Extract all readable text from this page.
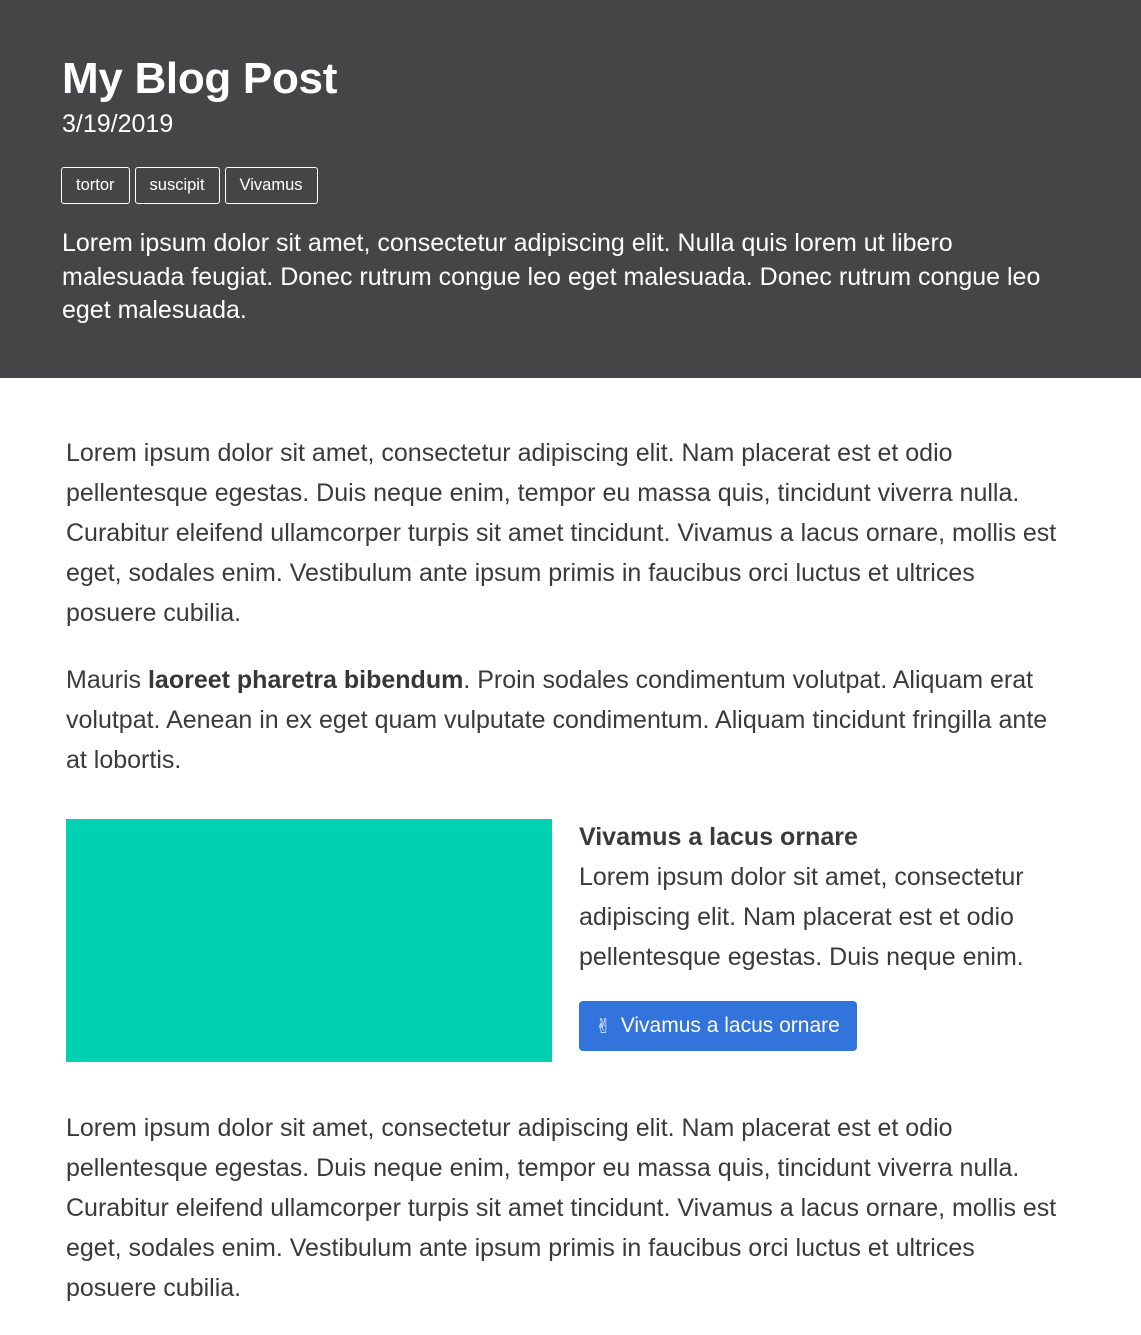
My Blog Post
3/19/2019
tortor	suscipit	Vivamus

Lorem ipsum dolor sit amet, consectetur adipiscing elit. Nulla quis lorem ut libero malesuada feugiat. Donec rutrum congue leo eget malesuada. Donec rutrum congue leo eget malesuada.

Lorem ipsum dolor sit amet, consectetur adipiscing elit. Nam placerat est et odio pellentesque egestas. Duis neque enim, tempor eu massa quis, tincidunt viverra nulla. Curabitur eleifend ullamcorper turpis sit amet tincidunt. Vivamus a lacus ornare, mollis est eget, sodales enim. Vestibulum ante ipsum primis in faucibus orci luctus et ultrices posuere cubilia.

Mauris laoreet pharetra bibendum. Proin sodales condimentum volutpat. Aliquam erat volutpat. Aenean in ex eget quam vulputate condimentum. Aliquam tincidunt fringilla ante at lobortis.

Lorem ipsum dolor sit amet, consectetur adipiscing elit. Nam placerat est et odio pellentesque egestas. Duis neque enim, tempor eu massa quis, tincidunt viverra nulla. Curabitur eleifend ullamcorper turpis sit amet tincidunt. Vivamus a lacus ornare, mollis est eget, sodales enim. Vestibulum ante ipsum primis in faucibus orci luctus et ultrices posuere cubilia.

Vivamus a lacus ornare

Lorem ipsum dolor sit amet, consectetur adipiscing elit. Nam placerat est et odio pellentesque egestas. Duis neque enim.

✌ Vivamus a lacus ornare
